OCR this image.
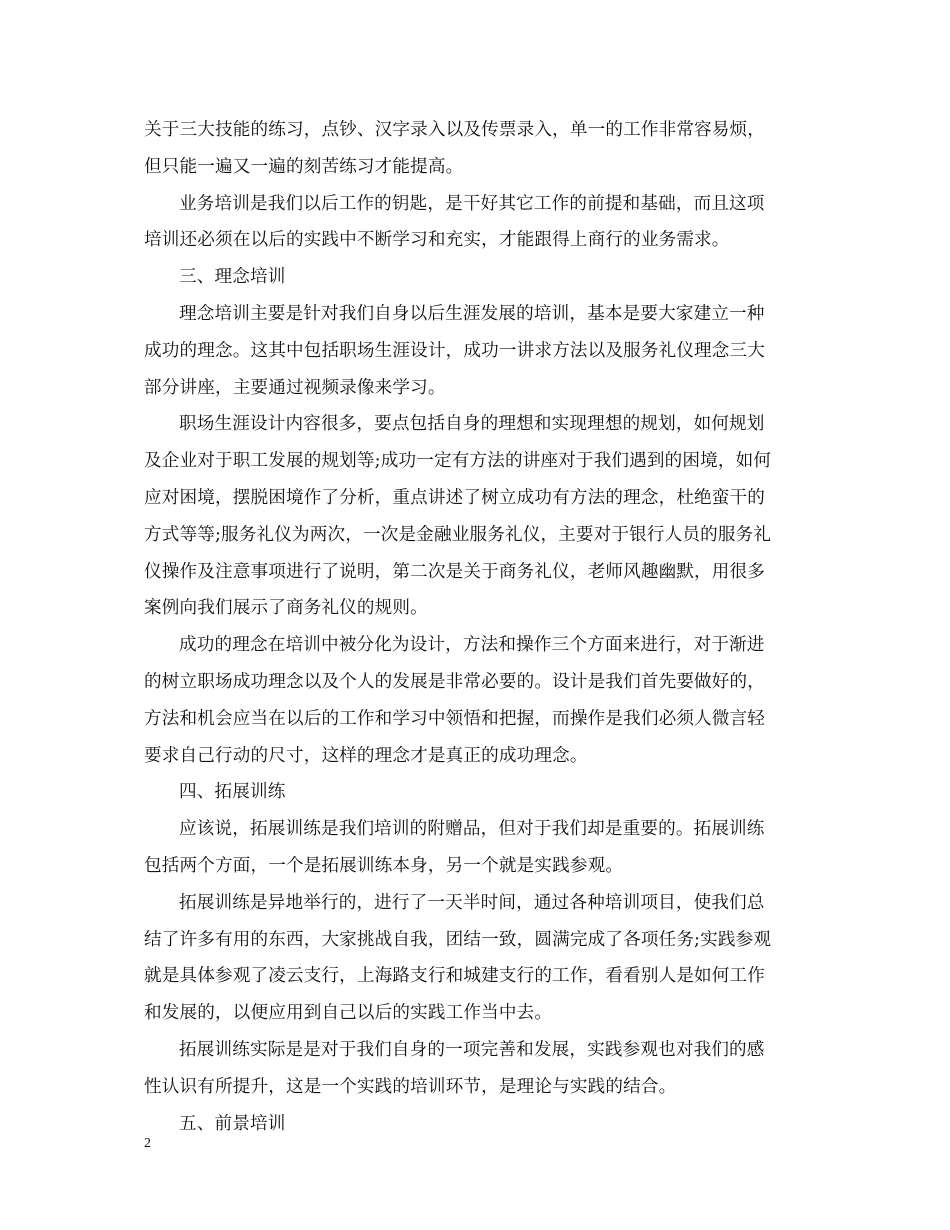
关于三大技能的练习，点钞、汉字录入以及传票录入，单一的工作非常容易烦，
但只能一遍又一遍的刻苦练习才能提高。
业务培训是我们以后工作的钥匙，是干好其它工作的前提和基础，而且这项
培训还必须在以后的实践中不断学习和充实，才能跟得上商行的业务需求。
三、理念培训
理念培训主要是针对我们自身以后生涯发展的培训，基本是要大家建立一种
成功的理念。这其中包括职场生涯设计，成功一讲求方法以及服务礼仪理念三大
部分讲座，主要通过视频录像来学习。
职场生涯设计内容很多，要点包括自身的理想和实现理想的规划，如何规划
及企业对于职工发展的规划等;成功一定有方法的讲座对于我们遇到的困境，如何
应对困境，摆脱困境作了分析，重点讲述了树立成功有方法的理念，杜绝蛮干的
方式等等;服务礼仪为两次，一次是金融业服务礼仪，主要对于银行人员的服务礼
仪操作及注意事项进行了说明，第二次是关于商务礼仪，老师风趣幽默，用很多
案例向我们展示了商务礼仪的规则。
成功的理念在培训中被分化为设计，方法和操作三个方面来进行，对于渐进
的树立职场成功理念以及个人的发展是非常必要的。设计是我们首先要做好的，
方法和机会应当在以后的工作和学习中领悟和把握，而操作是我们必须人微言轻
要求自己行动的尺寸，这样的理念才是真正的成功理念。
四、拓展训练
应该说，拓展训练是我们培训的附赠品，但对于我们却是重要的。拓展训练
包括两个方面，一个是拓展训练本身，另一个就是实践参观。
拓展训练是异地举行的，进行了一天半时间，通过各种培训项目，使我们总
结了许多有用的东西，大家挑战自我，团结一致，圆满完成了各项任务;实践参观
就是具体参观了凌云支行，上海路支行和城建支行的工作，看看别人是如何工作
和发展的，以便应用到自己以后的实践工作当中去。
拓展训练实际是是对于我们自身的一项完善和发展，实践参观也对我们的感
性认识有所提升，这是一个实践的培训环节，是理论与实践的结合。
五、前景培训
2
